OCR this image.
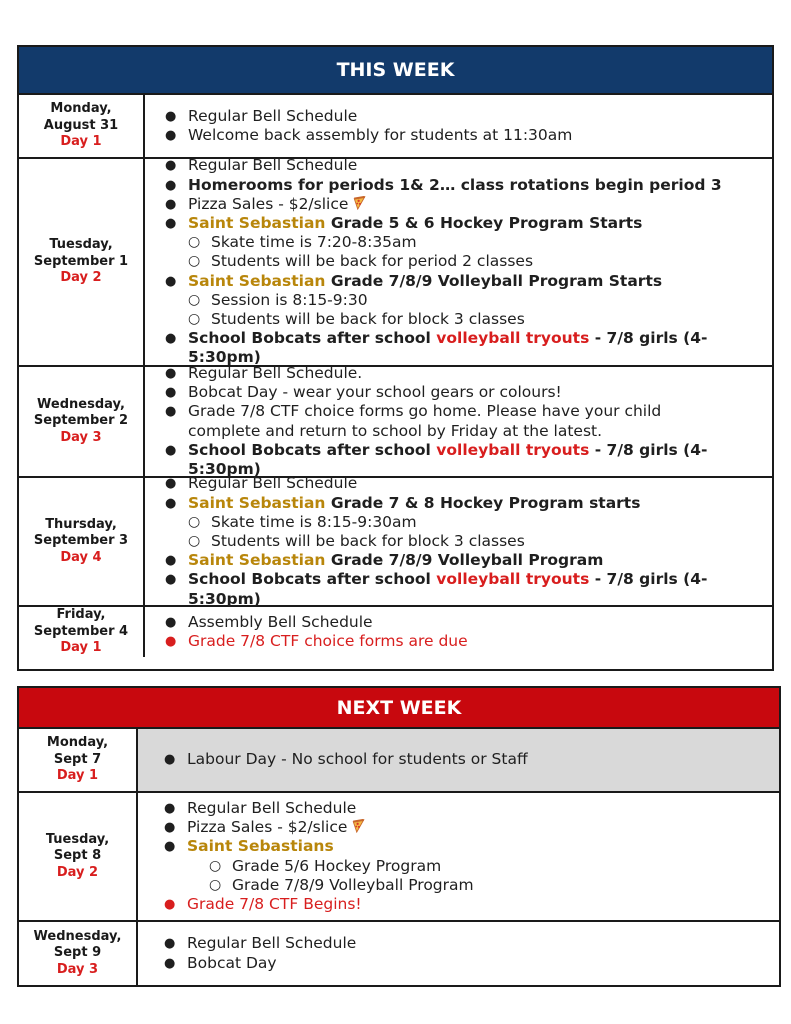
THIS WEEK
Monday,
August 31
Day 1
● Regular Bell Schedule
● Welcome back assembly for students at 11:30am
Tuesday,
September 1
Day 2
● Regular Bell Schedule
● Homerooms for periods 1& 2… class rotations begin period 3
● Pizza Sales - $2/slice
● Saint Sebastian Grade 5 & 6 Hockey Program Starts
○ Skate time is 7:20-8:35am
○ Students will be back for period 2 classes
● Saint Sebastian Grade 7/8/9 Volleyball Program Starts
○ Session is 8:15-9:30
○ Students will be back for block 3 classes
● School Bobcats after school volleyball tryouts - 7/8 girls (4-5:30pm)
Wednesday,
September 2
Day 3
● Regular Bell Schedule.
● Bobcat Day - wear your school gears or colours!
● Grade 7/8 CTF choice forms go home. Please have your child
complete and return to school by Friday at the latest.
● School Bobcats after school volleyball tryouts - 7/8 girls (4-5:30pm)
Thursday,
September 3
Day 4
● Regular Bell Schedule
● Saint Sebastian Grade 7 & 8 Hockey Program starts
○ Skate time is 8:15-9:30am
○ Students will be back for block 3 classes
● Saint Sebastian Grade 7/8/9 Volleyball Program
● School Bobcats after school volleyball tryouts - 7/8 girls (4-5:30pm)
Friday,
September 4
Day 1
● Assembly Bell Schedule
● Grade 7/8 CTF choice forms are due
NEXT WEEK
Monday,
Sept 7
Day 1
● Labour Day - No school for students or Staff
Tuesday,
Sept 8
Day 2
● Regular Bell Schedule
● Pizza Sales - $2/slice
● Saint Sebastians
○ Grade 5/6 Hockey Program
○ Grade 7/8/9 Volleyball Program
● Grade 7/8 CTF Begins!
Wednesday,
Sept 9
Day 3
● Regular Bell Schedule
● Bobcat Day
